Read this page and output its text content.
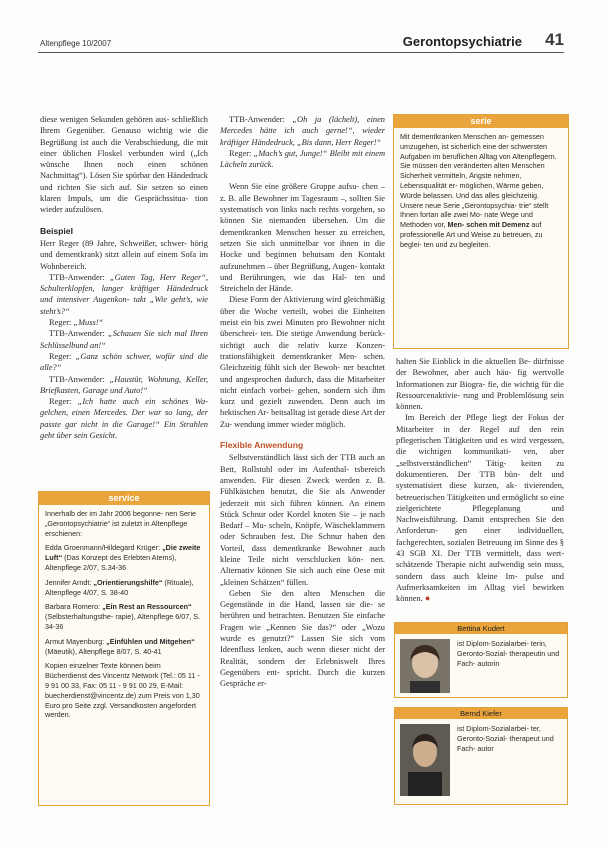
Altenpflege 10/2007	Gerontopsychiatrie 41

diese wenigen Sekunden gehören aus- schließlich Ihrem Gegenüber. Genauso wichtig wie die Begrüßung ist auch die Verabschiedung, die mit einer üblichen Floskel verbunden wird („Ich wünsche Ihnen noch einen schönen Nachmittag“). Lösen Sie spürbar den Händedruck und richten Sie sich auf. Sie setzen so einen klaren Impuls, um die Gesprächssitua- tion wieder aufzulösen.

Beispiel

Herr Reger (89 Jahre, Schweißer, schwer- hörig und dementkrank) sitzt allein auf einem Sofa im Wohnbereich.

TTB-Anwender: „Guten Tag, Herr Reger“, Schulterklopfen, langer kräftiger Händedruck und intensiver Augenkon- takt „Wie geht’s, wie steht’s?“

Reger: „Muss!“

TTB-Anwender: „Schauen Sie sich mal Ihren Schlüsselbund an!“

Reger: „Ganz schön schwer, wofür sind die alle?“

TTB-Anwender: „Haustür, Wohnung, Keller, Briefkasten, Garage und Auto!“

Reger: „Ich hatte auch ein schönes Wa- gelchen, einen Mercedes. Der war so lang, der passte gar nicht in die Garage!“ Ein Strahlen geht über sein Gesicht.

service

Innerhalb der im Jahr 2006 begonne- nen Serie „Gerontopsychiatrie“ ist zuletzt in Altenpflege erschienen:

Edda Groenmann/Hildegard Krüger: „Die zweite Luft“ (Das Konzept des Erlebten Atems), Altenpflege 2/07, S.34-36

Jennifer Arndt: „Orientierungshilfe“ (Rituale), Altenpflege 4/07, S. 38-40

Barbara Romero: „Ein Rest an Ressourcen“ (Selbsterhaltungsthe- rapie), Altenpflege 6/07, S. 34-36

Armut Mayenburg: „Einfühlen und Mitgehen“ (Mäeutik), Altenpflege 8/07, S. 40-41

Kopien einzelner Texte können beim Bücherdienst des Vincentz Network (Tel.: 05 11 - 9 91 00 33, Fax: 05 11 - 9 91 00 29, E-Mail: buecherdienst@vincentz.de) zum Preis von 1,30 Euro pro Seite zzgl. Versandkosten angefordert werden.

TTB-Anwender: „Oh ja (lächelt), einen Mercedes hätte ich auch gerne!“, wieder kräftiger Händedruck, „Bis dann, Herr Reger!“

Reger: „Mach’s gut, Junge!“ Bleibt mit einem Lächeln zurück.

Wenn Sie eine größere Gruppe aufsu- chen – z. B. alle Bewohner im Tagesraum –, sollten Sie systematisch von links nach rechts vorgehen, so können Sie niemanden übersehen. Um die dementkranken Menschen besser zu erreichen, setzen Sie sich unmittelbar vor ihnen in die Hocke und beginnen behutsam den Kontakt aufzunehmen – über Begrüßung, Augen- kontakt und Berührungen, wie das Hal- ten und Streicheln der Hände.

Diese Form der Aktivierung wird gleichmäßig über die Woche verteilt, wobei die Einheiten meist ein bis zwei Minuten pro Bewohner nicht überschrei- ten. Die stetige Anwendung berück- sichtigt auch die relativ kurze Konzen- trationsfähigkeit dementkranker Men- schen. Gleichzeitig fühlt sich der Bewoh- ner beachtet und angesprochen dadurch, dass die Mitarbeiter nicht einfach vorbei- gehen, sondern sich ihm kurz und gezielt zuwenden. Denn auch im hektischen Ar- beitsalltag ist gerade diese Art der Zu- wendung immer wieder möglich.

Flexible Anwendung

Selbstverständlich lässt sich der TTB auch an Bett, Rollstuhl oder im Aufenthal- tsbereich anwenden. Für diesen Zweck werden z. B. Fühlkästchen benutzt, die Sie als Anwender jederzeit mit sich führen können. An einem Stück Schnur oder Kordel knoten Sie – je nach Bedarf – Mu- scheln, Knöpfe, Wäscheklammern oder Schrauben fest. Die Schnur haben den Vorteil, dass dementkranke Bewohner auch kleine Teile nicht verschlucken kön- nen. Alternativ können Sie sich auch eine Oese mit „kleinen Schätzen“ füllen.

Geben Sie den alten Menschen die Gegenstände in die Hand, lassen sie die- se berühren und betrachten. Benutzen Sie einfache Fragen wie „Kennen Sie das?“ oder „Wozu wurde es genutzt?“ Lassen Sie sich vom Ideenfluss lenken, auch wenn dieser nicht der Realität, sondern der Erlebniswelt Ihres Gegenübers ent- spricht. Durch die kurzen Gespräche er-

serie

Mit dementkranken Menschen an- gemessen umzugehen, ist sicherlich eine der schwersten Aufgaben im beruflichen Alltag von Altenpflegern. Sie müssen den veränderten alten Menschen Sicherheit vermitteln, Ängste nehmen, Lebensqualität er- möglichen, Wärme geben, Würde belassen. Und das alles gleichzeitig. Unsere neue Serie „Gerontopsychia- trie“ stellt Ihnen fortan alle zwei Mo- nate Wege und Methoden vor, Men- schen mit Demenz auf professionelle Art und Weise zu betreuen, zu beglei- ten und zu begleiten.

halten Sie Einblick in die aktuellen Be- dürfnisse der Bewohner, aber auch häu- fig wertvolle Informationen zur Biogra- fie, die wichtig für die Ressourcenaktivie- rung und Problemlösung sein können.

Im Bereich der Pflege liegt der Fokus der Mitarbeiter in der Regel auf den rein pflegerischen Tätigkeiten und es wird vergessen, die wichtigen kommunikati- ven, aber „selbstverständlichen“ Tätig- keiten zu dokumentieren. Der TTB bün- delt und systematisiert diese kurzen, ak- tivierenden, betreuerischen Tätigkeiten und ermöglicht so eine zielgerichtete Pflegeplanung und Nachweisführung. Damit entsprechen Sie den Anforderun- gen einer individuellen, fachgerechten, sozialen Betreuung im Sinne des § 43 SGB XI. Der TTB vermittelt, dass wert- schätzende Therapie nicht aufwendig sein muss, sondern dass auch kleine Im- pulse und Aufmerksamkeiten im Alltag viel bewirken können. ●

Bettina Kudert
ist Diplom-Sozialarbei- terin, Geronto-Sozial- therapeutin und Fach- autorin
Bernd Kiefer
ist Diplom-Sozialarbei- ter, Geronto-Sozial- therapeut und Fach- autor
